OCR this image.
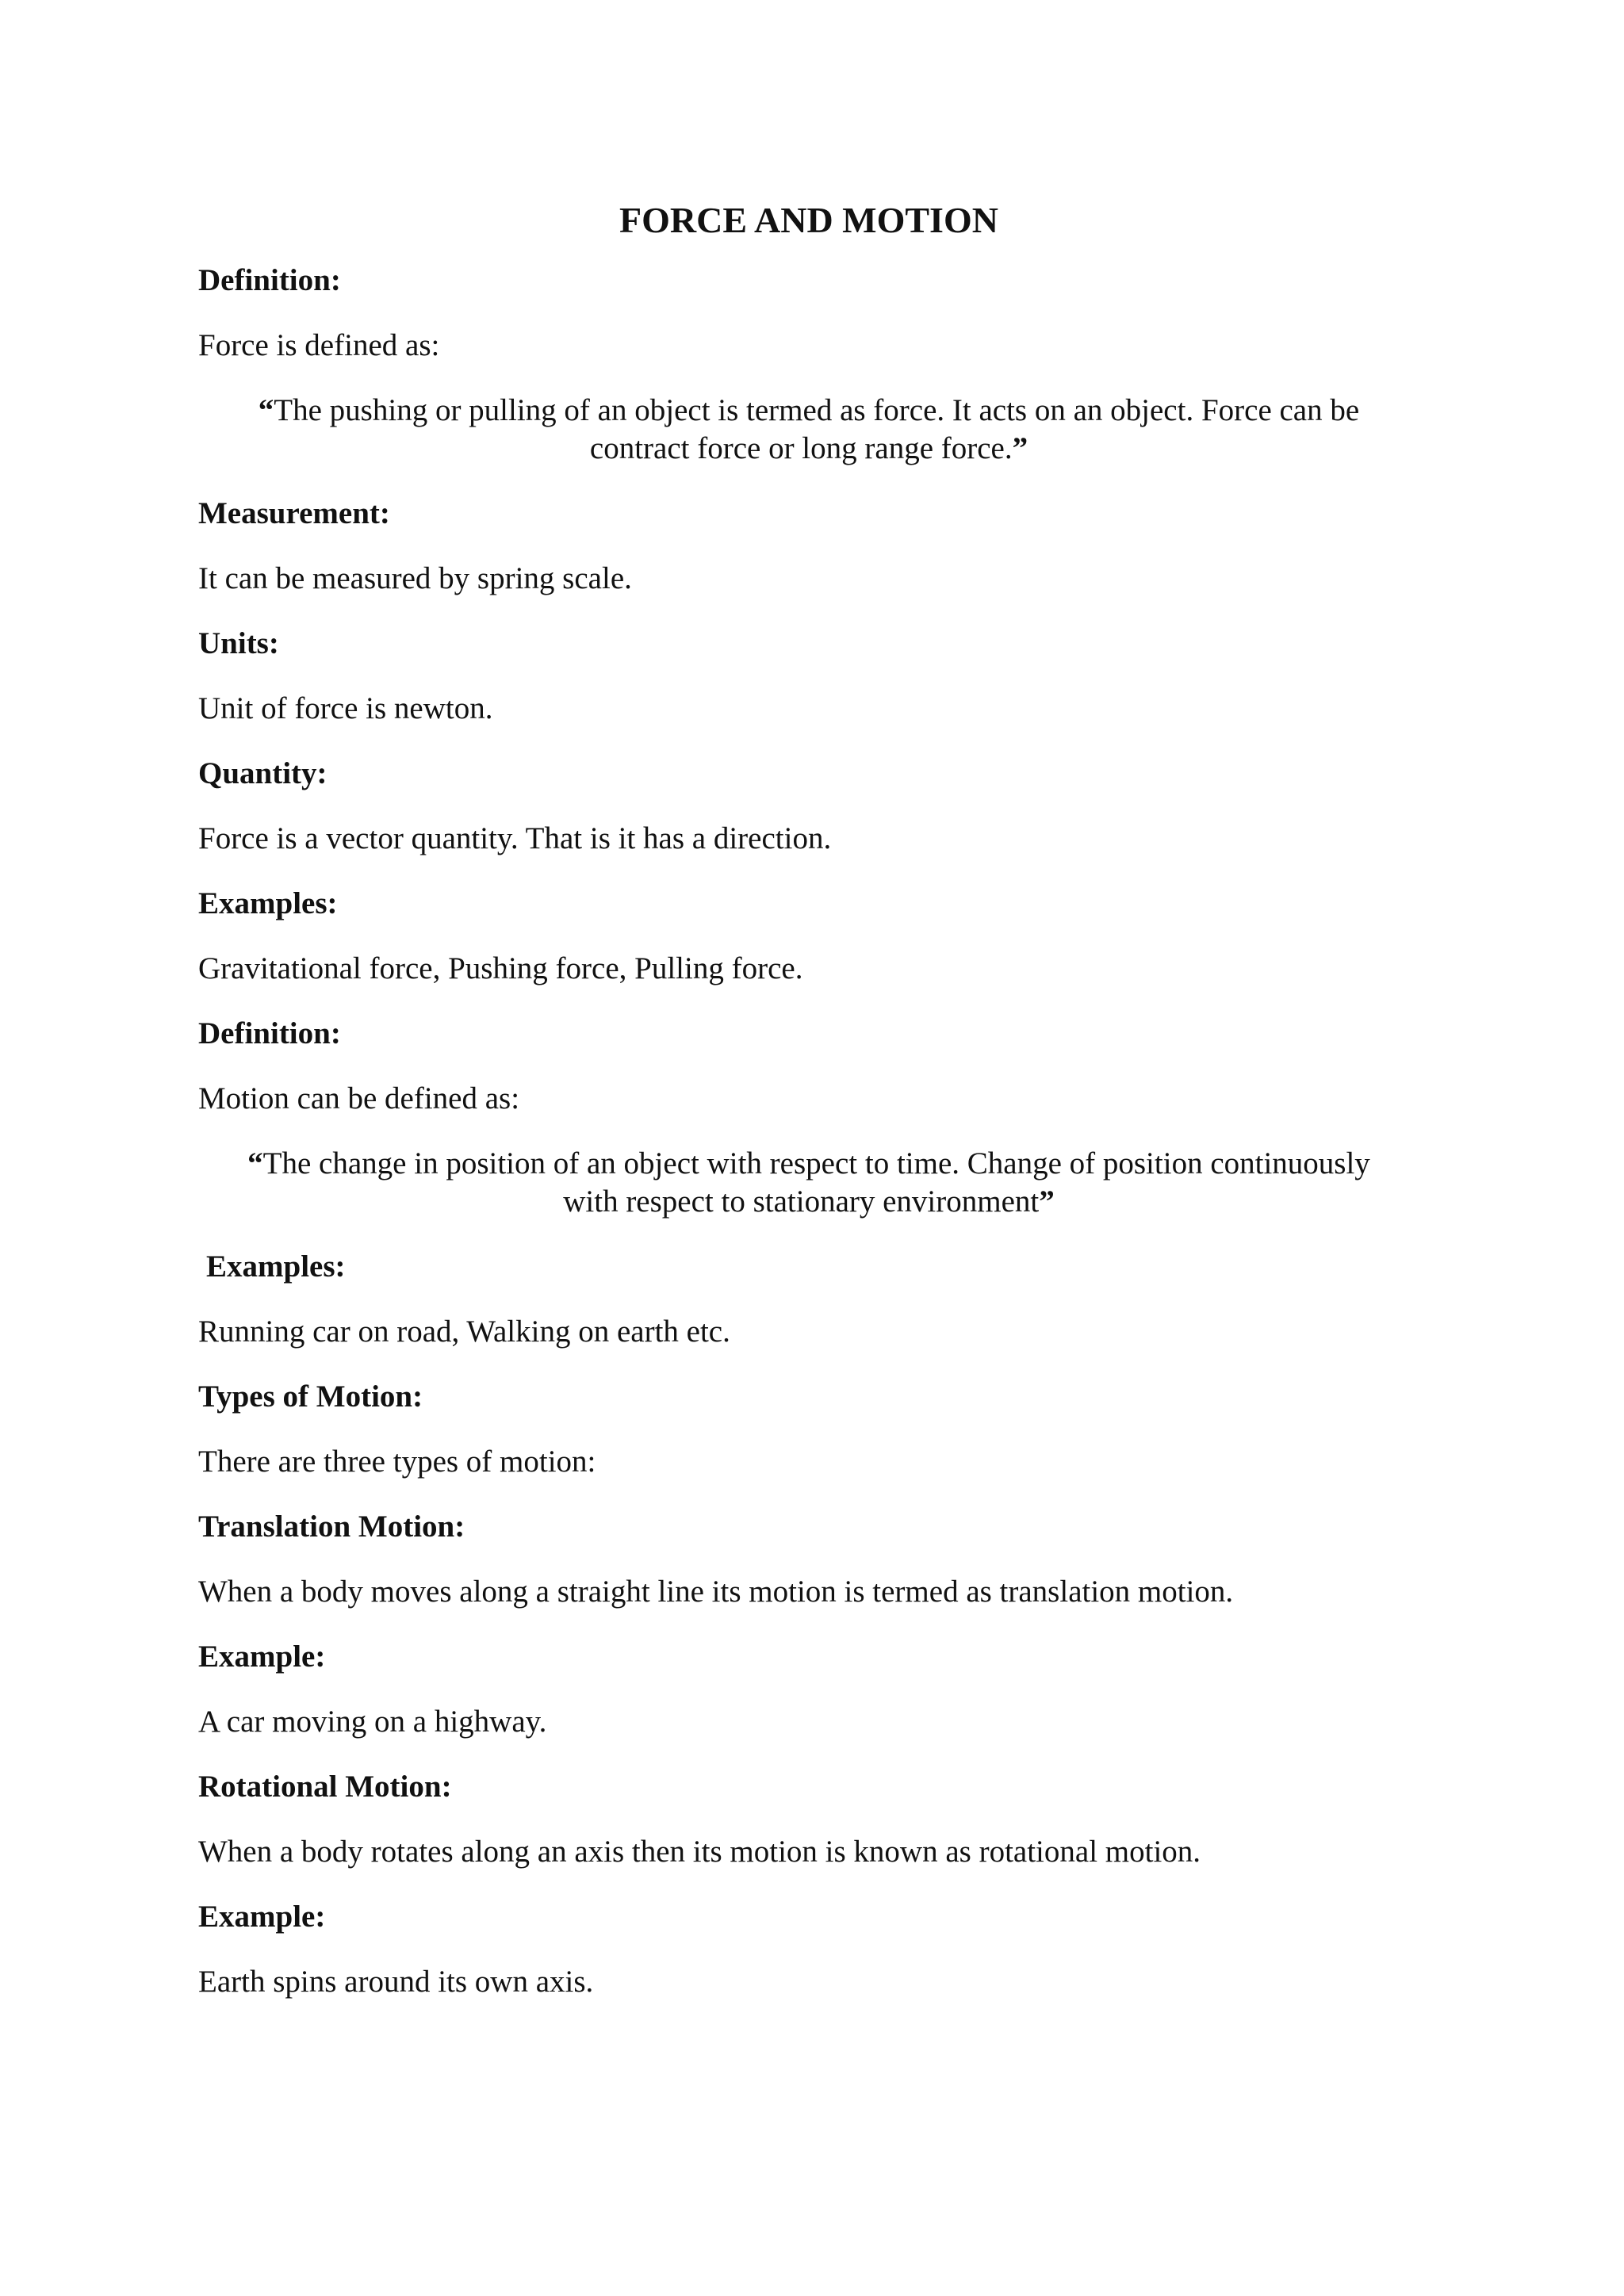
FORCE AND MOTION
Definition:
Force is defined as:
“The pushing or pulling of an object is termed as force. It acts on an object. Force can be
contract force or long range force.”
Measurement:
It can be measured by spring scale.
Units:
Unit of force is newton.
Quantity:
Force is a vector quantity. That is it has a direction.
Examples:
Gravitational force, Pushing force, Pulling force.
Definition:
Motion can be defined as:
“The change in position of an object with respect to time. Change of position continuously
with respect to stationary environment”
Examples:
Running car on road, Walking on earth etc.
Types of Motion:
There are three types of motion:
Translation Motion:
When a body moves along a straight line its motion is termed as translation motion.
Example:
A car moving on a highway.
Rotational Motion:
When a body rotates along an axis then its motion is known as rotational motion.
Example:
Earth spins around its own axis.
